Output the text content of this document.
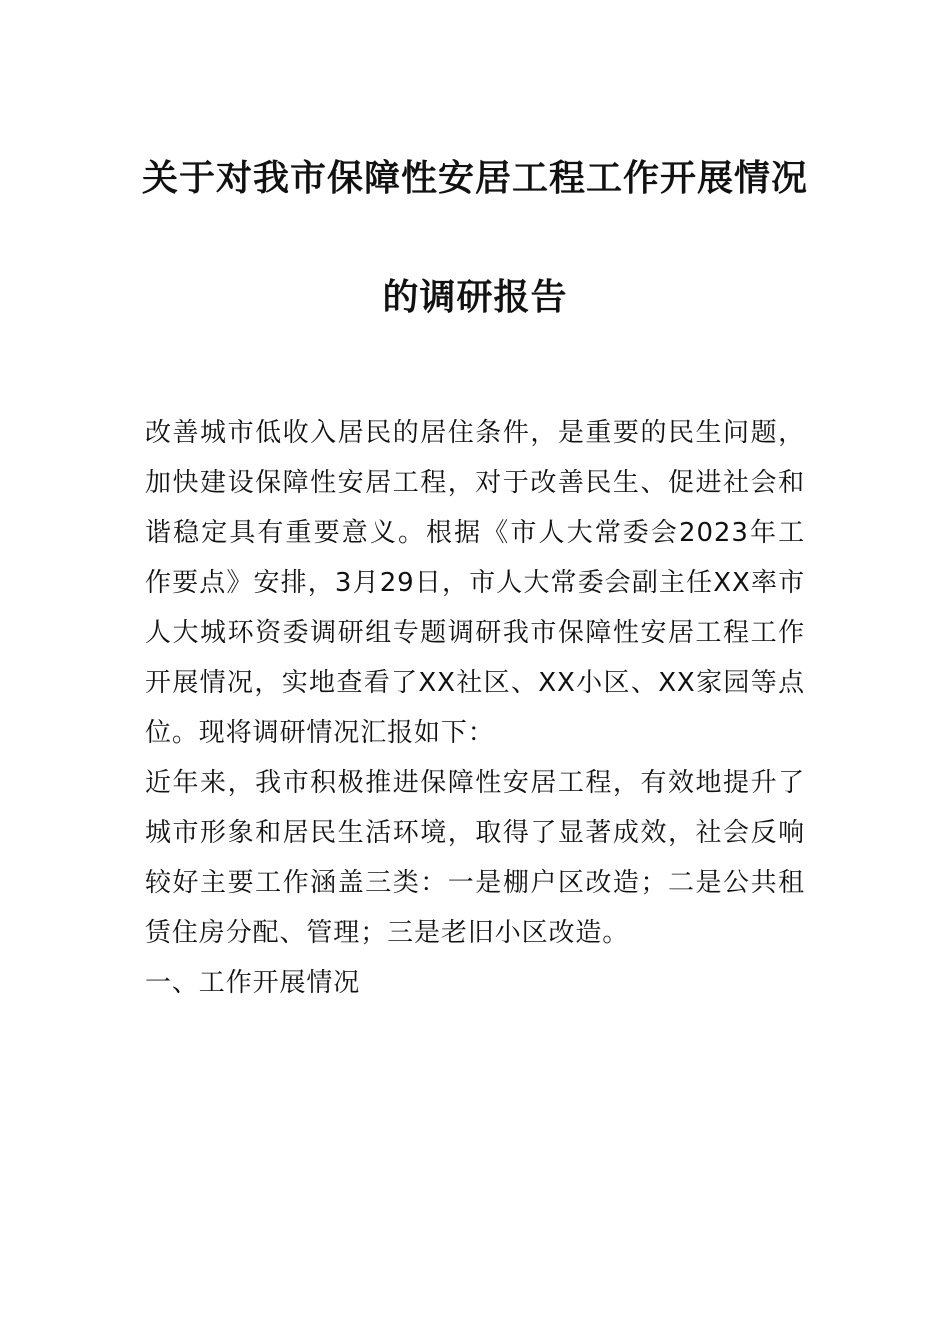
关于对我市保障性安居工程工作开展情况
的调研报告

改善城市低收入居民的居住条件，是重要的民生问题，加快建设保障性安居工程，对于改善民生、促进社会和谐稳定具有重要意义。根据《市人大常委会2023年工作要点》安排，3月29日，市人大常委会副主任XX率市人大城环资委调研组专题调研我市保障性安居工程工作开展情况，实地查看了XX社区、XX小区、XX家园等点位。现将调研情况汇报如下：

近年来，我市积极推进保障性安居工程，有效地提升了城市形象和居民生活环境，取得了显著成效，社会反响较好主要工作涵盖三类：一是棚户区改造；二是公共租赁住房分配、管理；三是老旧小区改造。

一、工作开展情况
